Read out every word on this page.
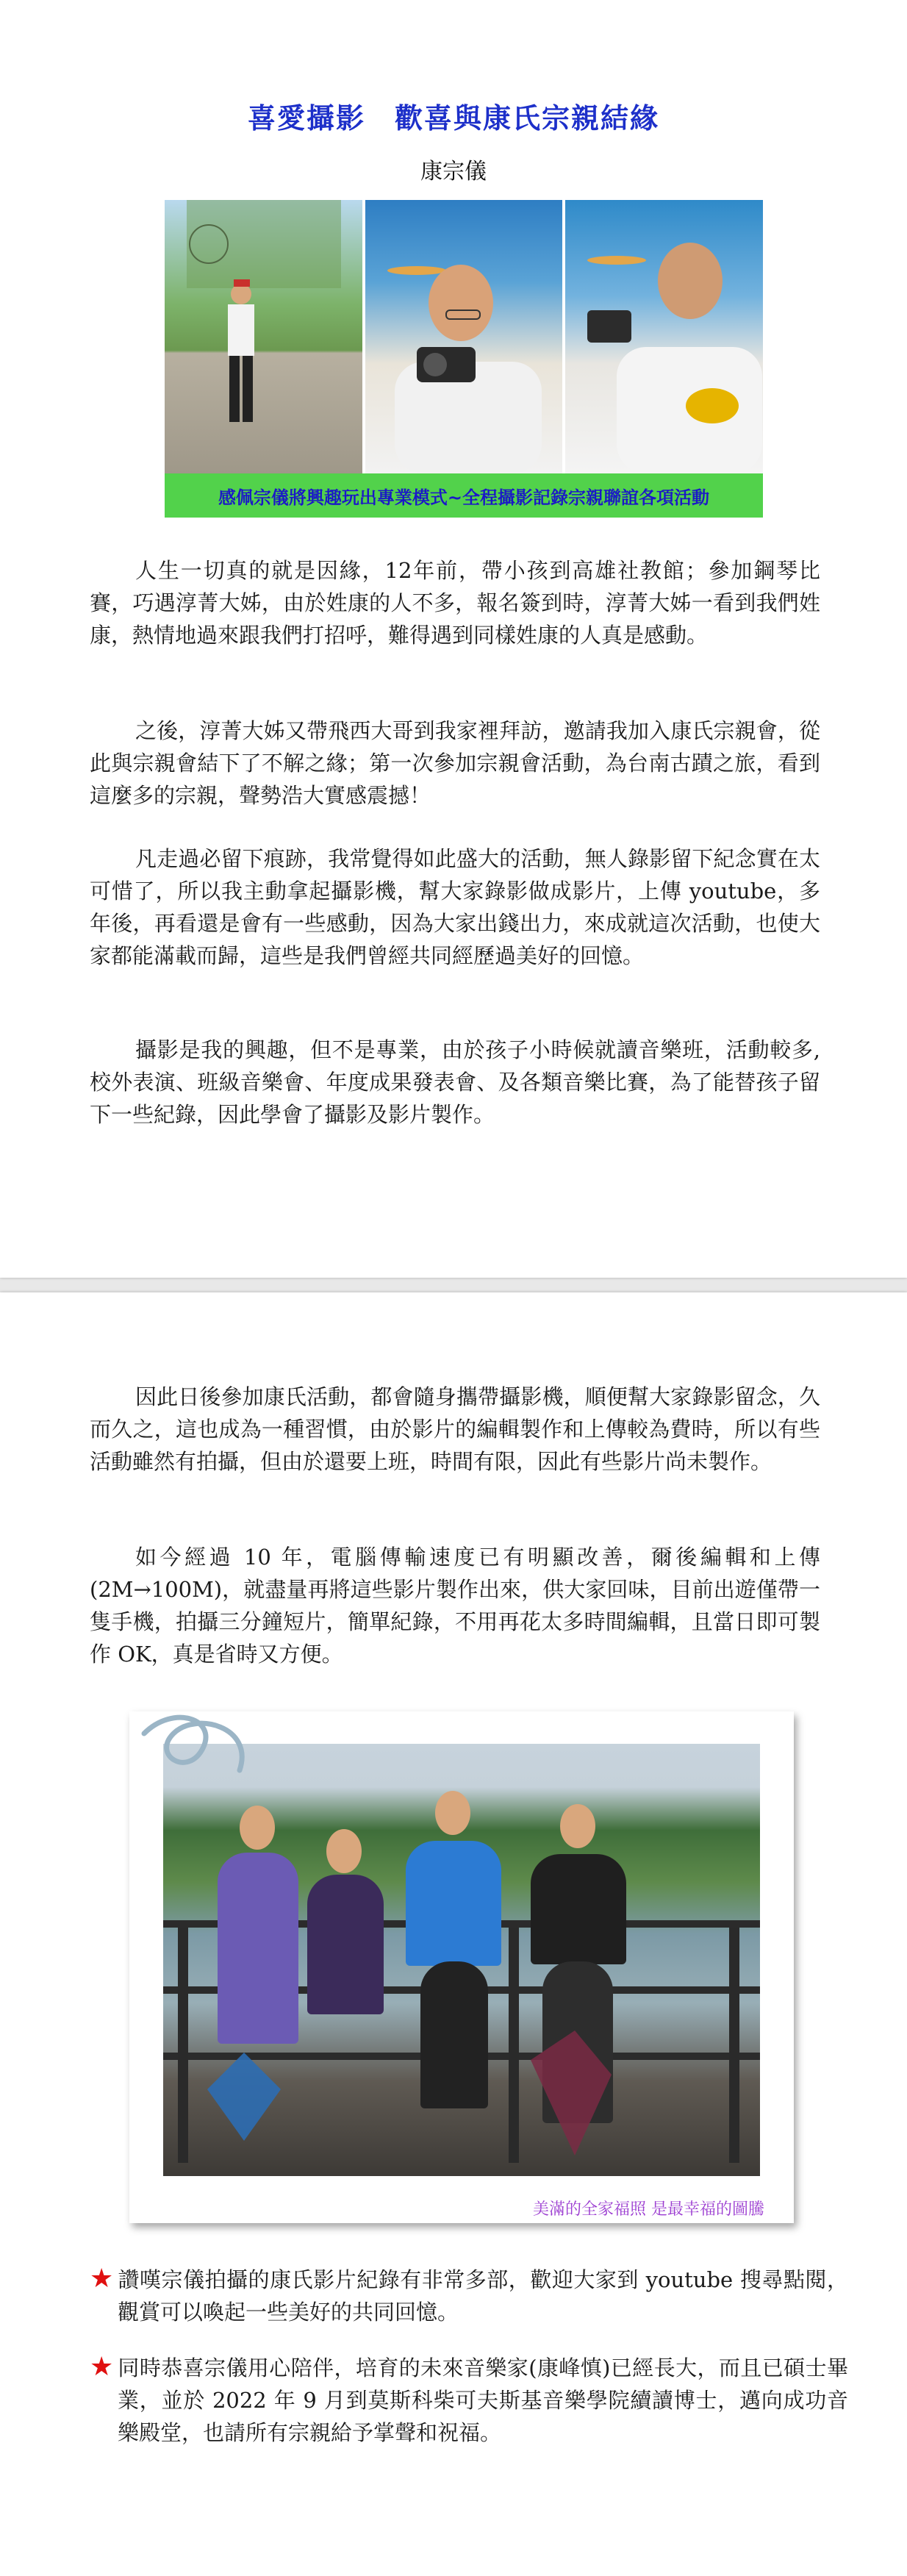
喜愛攝影　歡喜與康氏宗親結緣
康宗儀
感佩宗儀將興趣玩出專業模式~全程攝影記錄宗親聯誼各項活動

人生一切真的就是因緣，12年前，帶小孩到高雄社教館；參加鋼琴比賽，巧遇淳菁大姊，由於姓康的人不多，報名簽到時，淳菁大姊一看到我們姓康，熱情地過來跟我們打招呼，難得遇到同樣姓康的人真是感動。

之後，淳菁大姊又帶飛西大哥到我家裡拜訪，邀請我加入康氏宗親會，從此與宗親會結下了不解之緣；第一次參加宗親會活動，為台南古蹟之旅，看到這麼多的宗親，聲勢浩大實感震撼！

凡走過必留下痕跡，我常覺得如此盛大的活動，無人錄影留下紀念實在太可惜了，所以我主動拿起攝影機，幫大家錄影做成影片，上傳 youtube，多年後，再看還是會有一些感動，因為大家出錢出力，來成就這次活動，也使大家都能滿載而歸，這些是我們曾經共同經歷過美好的回憶。

攝影是我的興趣，但不是專業，由於孩子小時候就讀音樂班，活動較多,校外表演、班級音樂會、年度成果發表會、及各類音樂比賽，為了能替孩子留下一些紀錄，因此學會了攝影及影片製作。

因此日後參加康氏活動，都會隨身攜帶攝影機，順便幫大家錄影留念，久而久之，這也成為一種習慣，由於影片的編輯製作和上傳較為費時，所以有些活動雖然有拍攝，但由於還要上班，時間有限，因此有些影片尚未製作。

如今經過 10 年，電腦傳輸速度已有明顯改善，爾後編輯和上傳(2M→100M)，就盡量再將這些影片製作出來，供大家回味，目前出遊僅帶一隻手機，拍攝三分鐘短片，簡單紀錄，不用再花太多時間編輯，且當日即可製作 OK，真是省時又方便。

美滿的全家福照 是最幸福的圖騰

★ 讚嘆宗儀拍攝的康氏影片紀錄有非常多部，歡迎大家到 youtube 搜尋點閱，觀賞可以喚起一些美好的共同回憶。

★ 同時恭喜宗儀用心陪伴，培育的未來音樂家(康峰慎)已經長大，而且已碩士畢業，並於 2022 年 9 月到莫斯科柴可夫斯基音樂學院續讀博士，邁向成功音樂殿堂，也請所有宗親給予掌聲和祝福。
